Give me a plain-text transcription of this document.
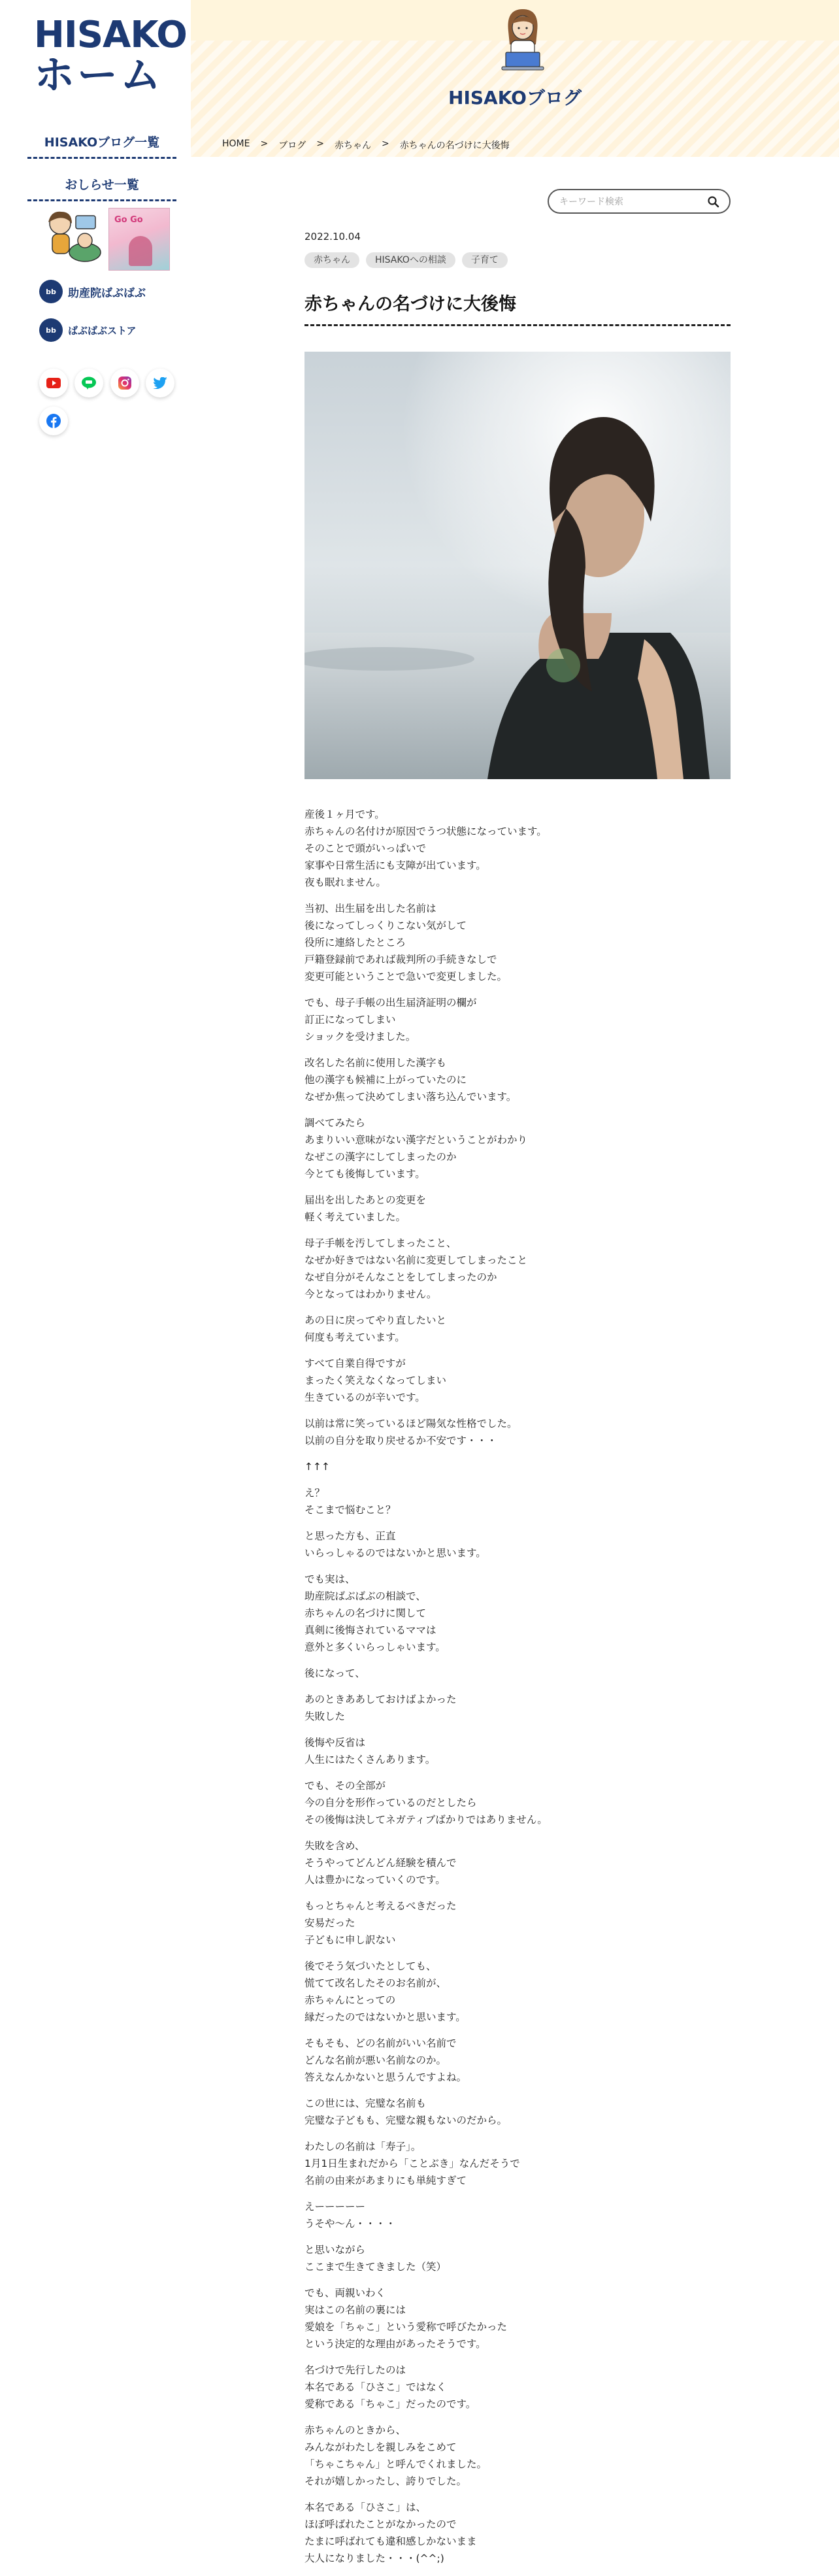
HISAKO
ホーム
HISAKOブログ一覧
おしらせ一覧
Go Go
bb	助産院ばぶばぶ
bb	ばぶばぶストア
HISAKOブログ
HOME > ブログ > 赤ちゃん > 赤ちゃんの名づけに大後悔
キーワード検索
2022.10.04
赤ちゃん	HISAKOへの相談	子育て
赤ちゃんの名づけに大後悔

産後１ヶ月です。
赤ちゃんの名付けが原因でうつ状態になっています。
そのことで頭がいっぱいで
家事や日常生活にも支障が出ています。
夜も眠れません。

当初、出生届を出した名前は
後になってしっくりこない気がして
役所に連絡したところ
戸籍登録前であれば裁判所の手続きなしで
変更可能ということで急いで変更しました。

でも、母子手帳の出生届済証明の欄が
訂正になってしまい
ショックを受けました。

改名した名前に使用した漢字も
他の漢字も候補に上がっていたのに
なぜか焦って決めてしまい落ち込んでいます。

調べてみたら
あまりいい意味がない漢字だということがわかり
なぜこの漢字にしてしまったのか
今とても後悔しています。

届出を出したあとの変更を
軽く考えていました。

母子手帳を汚してしまったこと、
なぜか好きではない名前に変更してしまったこと
なぜ自分がそんなことをしてしまったのか
今となってはわかりません。

あの日に戻ってやり直したいと
何度も考えています。

すべて自業自得ですが
まったく笑えなくなってしまい
生きているのが辛いです。

以前は常に笑っているほど陽気な性格でした。
以前の自分を取り戻せるか不安です・・・

↑↑↑

え？
そこまで悩むこと？

と思った方も、正直
いらっしゃるのではないかと思います。

でも実は、
助産院ばぶばぶの相談で、
赤ちゃんの名づけに関して
真剣に後悔されているママは
意外と多くいらっしゃいます。

後になって、

あのときああしておけばよかった
失敗した

後悔や反省は
人生にはたくさんあります。

でも、その全部が
今の自分を形作っているのだとしたら
その後悔は決してネガティブばかりではありません。

失敗を含め、
そうやってどんどん経験を積んで
人は豊かになっていくのです。

もっとちゃんと考えるべきだった
安易だった
子どもに申し訳ない

後でそう気づいたとしても、
慌てて改名したそのお名前が、
赤ちゃんにとっての
縁だったのではないかと思います。

そもそも、どの名前がいい名前で
どんな名前が悪い名前なのか。
答えなんかないと思うんですよね。

この世には、完璧な名前も
完璧な子どもも、完璧な親もないのだから。

わたしの名前は「寿子」。
1月1日生まれだから「ことぶき」なんだそうで
名前の由来があまりにも単純すぎて

えーーーーー
うそや〜ん・・・・

と思いながら
ここまで生きてきました（笑）

でも、両親いわく
実はこの名前の裏には
愛娘を「ちゃこ」という愛称で呼びたかった
という決定的な理由があったそうです。

名づけで先行したのは
本名である「ひさこ」ではなく
愛称である「ちゃこ」だったのです。

赤ちゃんのときから、
みんながわたしを親しみをこめて
「ちゃこちゃん」と呼んでくれました。
それが嬉しかったし、誇りでした。

本名である「ひさこ」は、
ほぼ呼ばれたことがなかったので
たまに呼ばれても違和感しかないまま
大人になりました・・・(^^;)
